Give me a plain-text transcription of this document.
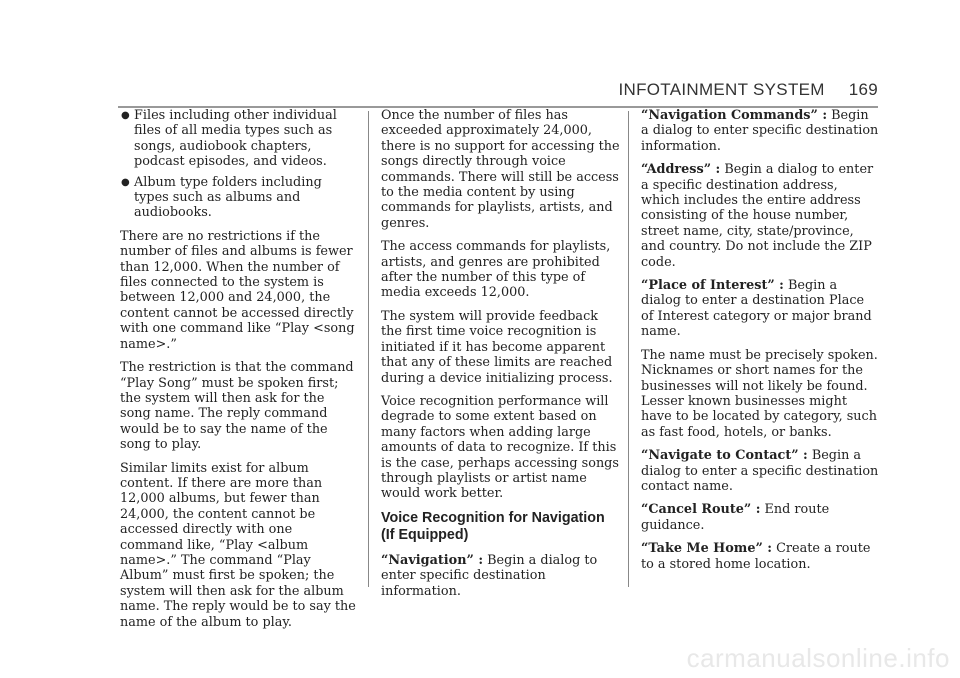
INFOTAINMENT SYSTEM 169
● Files including other individual files of all media types such as songs, audiobook chapters, podcast episodes, and videos.
● Album type folders including types such as albums and audiobooks.

There are no restrictions if the number of files and albums is fewer than 12,000. When the number of files connected to the system is between 12,000 and 24,000, the content cannot be accessed directly with one command like “Play <song name>.”

The restriction is that the command “Play Song” must be spoken first; the system will then ask for the song name. The reply command would be to say the name of the song to play.

Similar limits exist for album content. If there are more than 12,000 albums, but fewer than 24,000, the content cannot be accessed directly with one command like, “Play <album name>.” The command “Play Album” must first be spoken; the system will then ask for the album name. The reply would be to say the name of the album to play.

Once the number of files has exceeded approximately 24,000, there is no support for accessing the songs directly through voice commands. There will still be access to the media content by using commands for playlists, artists, and genres.

The access commands for playlists, artists, and genres are prohibited after the number of this type of media exceeds 12,000.

The system will provide feedback the first time voice recognition is initiated if it has become apparent that any of these limits are reached during a device initializing process.

Voice recognition performance will degrade to some extent based on many factors when adding large amounts of data to recognize. If this is the case, perhaps accessing songs through playlists or artist name would work better.

Voice Recognition for Navigation (If Equipped)

“Navigation” : Begin a dialog to enter specific destination information.

“Navigation Commands” : Begin a dialog to enter specific destination information.

“Address” : Begin a dialog to enter a specific destination address, which includes the entire address consisting of the house number, street name, city, state/province, and country. Do not include the ZIP code.

“Place of Interest” : Begin a dialog to enter a destination Place of Interest category or major brand name.

The name must be precisely spoken. Nicknames or short names for the businesses will not likely be found. Lesser known businesses might have to be located by category, such as fast food, hotels, or banks.

“Navigate to Contact” : Begin a dialog to enter a specific destination contact name.

“Cancel Route” : End route guidance.

“Take Me Home” : Create a route to a stored home location.

carmanualsonline.info
